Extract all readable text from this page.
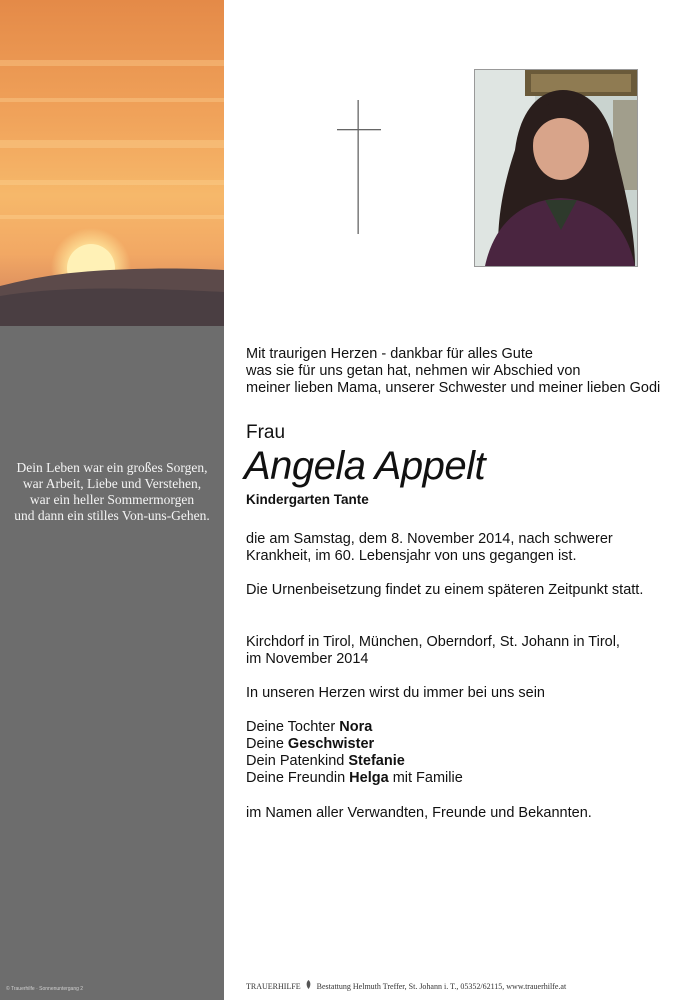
Dein Leben war ein großes Sorgen,
war Arbeit, Liebe und Verstehen,
war ein heller Sommermorgen
und dann ein stilles Von-uns-Gehen.
© Trauerhilfe · Sonnenuntergang 2
Mit traurigen Herzen - dankbar für alles Gute
was sie für uns getan hat, nehmen wir Abschied von
meiner lieben Mama, unserer Schwester und meiner lieben Godi
Frau
Angela Appelt
Kindergarten Tante
die am Samstag, dem 8. November 2014, nach schwerer
Krankheit, im 60. Lebensjahr von uns gegangen ist.
Die Urnenbeisetzung findet zu einem späteren Zeitpunkt statt.
Kirchdorf in Tirol, München, Oberndorf, St. Johann in Tirol,
im November 2014
In unseren Herzen wirst du immer bei uns sein
Deine Tochter Nora
Deine Geschwister
Dein Patenkind Stefanie
Deine Freundin Helga mit Familie
im Namen aller Verwandten, Freunde und Bekannten.
TRAUERHILFE Bestattung Helmuth Treffer, St. Johann i. T., 05352/62115, www.trauerhilfe.at
